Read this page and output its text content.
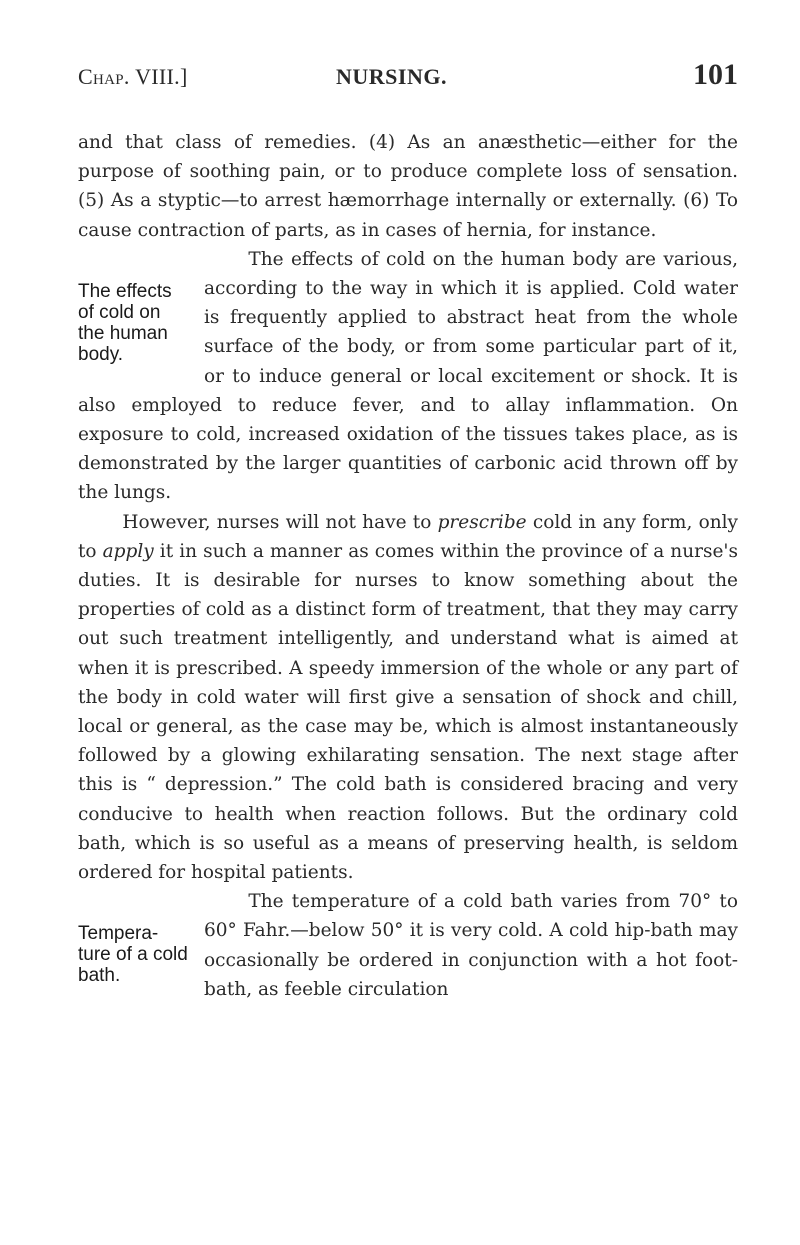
Chap. VIII.]	NURSING.	101

and that class of remedies. (4) As an anæsthetic—either for the purpose of soothing pain, or to produce complete loss of sensation. (5) As a styptic—to arrest hæmorrhage internally or externally. (6) To cause contraction of parts, as in cases of hernia, for instance.

The effects of cold on the human body.

The effects of cold on the human body are various, according to the way in which it is applied. Cold water is frequently applied to abstract heat from the whole surface of the body, or from some particular part of it, or to induce general or local excitement or shock. It is also employed to reduce fever, and to allay inflammation. On exposure to cold, increased oxidation of the tissues takes place, as is demonstrated by the larger quantities of carbonic acid thrown off by the lungs.

However, nurses will not have to prescribe cold in any form, only to apply it in such a manner as comes within the province of a nurse's duties. It is desirable for nurses to know something about the properties of cold as a distinct form of treatment, that they may carry out such treatment intelligently, and understand what is aimed at when it is prescribed. A speedy immersion of the whole or any part of the body in cold water will first give a sensation of shock and chill, local or general, as the case may be, which is almost instantaneously followed by a glowing exhilarating sensation. The next stage after this is “ depression.” The cold bath is considered bracing and very conducive to health when reaction follows. But the ordinary cold bath, which is so useful as a means of preserving health, is seldom ordered for hospital patients.

Tempera-ture of a cold bath.

The temperature of a cold bath varies from 70° to 60° Fahr.—below 50° it is very cold. A cold hip-bath may occasionally be ordered in conjunction with a hot foot-bath, as feeble circulation
